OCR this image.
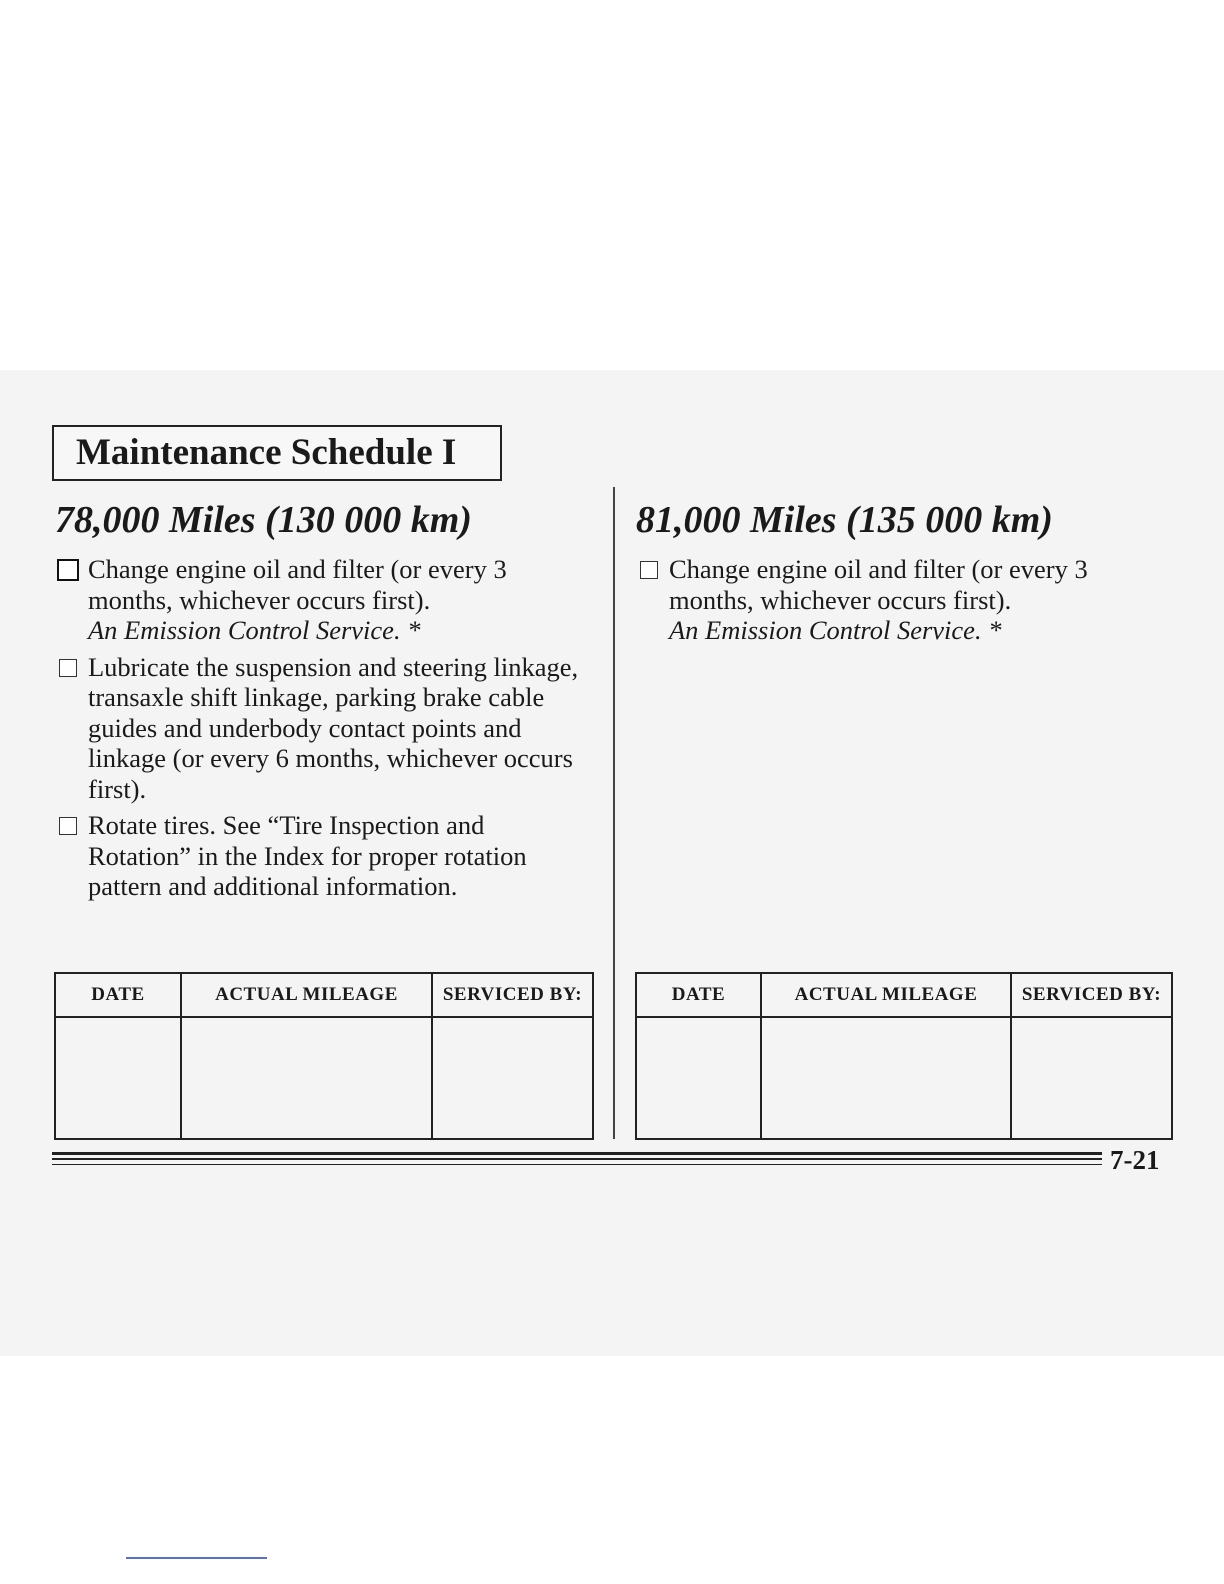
Maintenance Schedule I
78,000 Miles (130 000 km)
Change engine oil and filter (or every 3 months, whichever occurs first).
An Emission Control Service. *
Lubricate the suspension and steering linkage, transaxle shift linkage, parking brake cable guides and underbody contact points and linkage (or every 6 months, whichever occurs first).
Rotate tires. See “Tire Inspection and Rotation” in the Index for proper rotation pattern and additional information.
DATE	ACTUAL MILEAGE	SERVICED BY:

81,000 Miles (135 000 km)
Change engine oil and filter (or every 3 months, whichever occurs first).
An Emission Control Service. *
DATE	ACTUAL MILEAGE	SERVICED BY:

7-21
